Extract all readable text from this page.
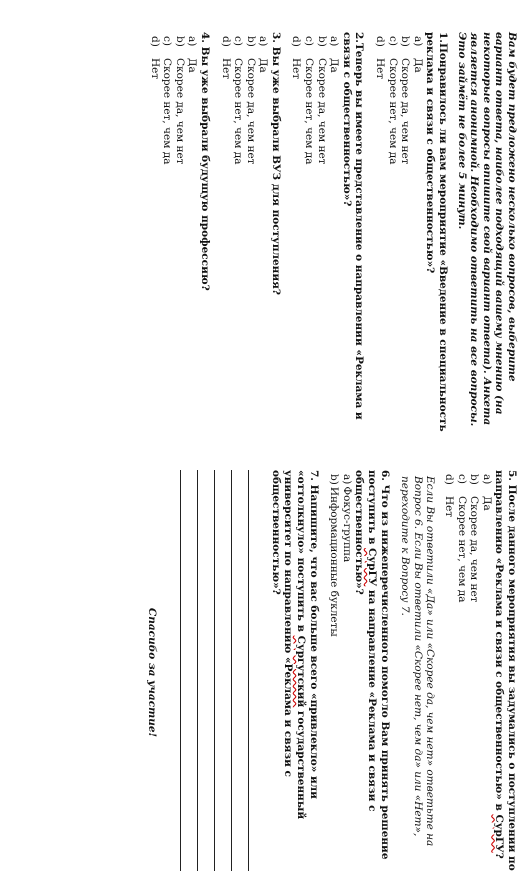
Вам будет предложено несколько вопросов, выберите вариант ответа, наиболее подходящий вашему мнению (на некоторые вопросы впишите свой вариант ответа). Анкета является анонимной. Необходимо ответить на все вопросы. Это займёт не более 5 минут.

1.Понравилось ли вам мероприятие «Введение в специальность реклама и связи с общественностью»?

a)Да
b)Скорее да, чем нет
c)Скорее нет, чем да
d)Нет

2.Теперь вы имеете представление о направлении «Реклама и связи с общественностью»?

a)Да
b)Скорее да, чем нет
c)Скорее нет, чем да
d)Нет

3. Вы уже выбрали ВУЗ для поступления?

a)Да
b)Скорее да, чем нет
c)Скорее нет, чем да
d)Нет

4. Вы уже выбрали будущую профессию?

a)Да
b)Скорее да, чем нет
c)Скорее нет, чем да
d)Нет

5. После данного мероприятия вы задумались о поступлении по направлению «Реклама и связи с общественностью» в СурГУ?

a)Да
b)Скорее да, чем нет
c)Скорее нет, чем да
d)Нет

Если Вы ответили «Да» или «Скорее да, чем нет» ответьте на Вопрос 6. Если Вы ответили «Скорее нет, чем да» или «Нет», переходите к Вопросу 7.

6. Что из нижеперечисленного помогло Вам принять решение поступить в СурГУ на направление «Реклама и связи с общественностью»?

a)Фокус-группа
b)Информационные буклеты

7. Напишите, что вас больше всего «привлекло» или «оттолкнуло» поступить в Сургутский государственный университет по направлению «Реклама и связи с общественностью»?

Спасибо за участие!
